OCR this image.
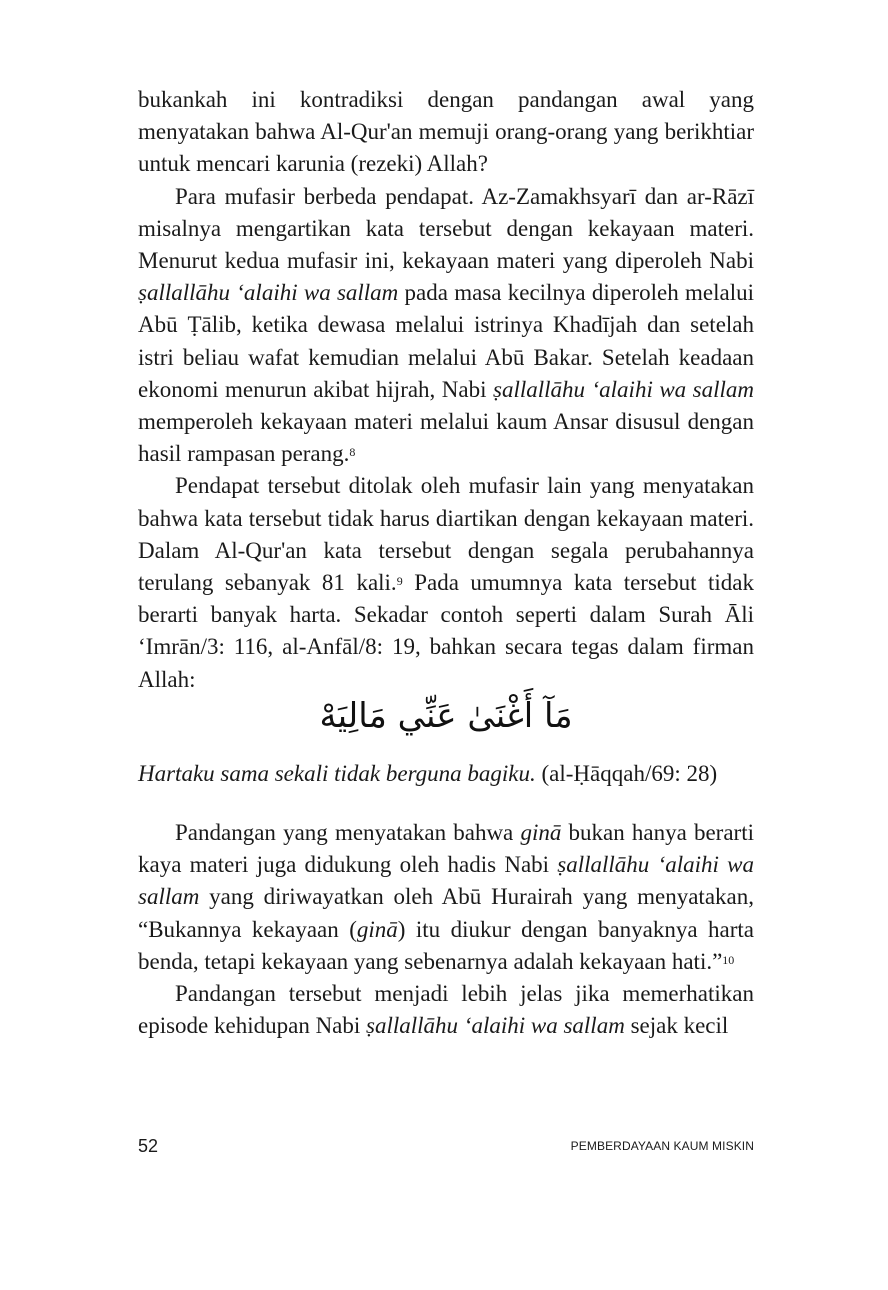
bukankah ini kontradiksi dengan pandangan awal yang menyatakan bahwa Al-Qur'an memuji orang-orang yang berikhtiar untuk mencari karunia (rezeki) Allah?

Para mufasir berbeda pendapat. Az-Zamakhsyarī dan ar-Rāzī misalnya mengartikan kata tersebut dengan kekayaan materi. Menurut kedua mufasir ini, kekayaan materi yang diperoleh Nabi ṣallallāhu ‘alaihi wa sallam pada masa kecilnya diperoleh melalui Abū Ṭālib, ketika dewasa melalui istrinya Khadījah dan setelah istri beliau wafat kemudian melalui Abū Bakar. Setelah keadaan ekonomi menurun akibat hijrah, Nabi ṣallallāhu ‘alaihi wa sallam memperoleh kekayaan materi melalui kaum Ansar disusul dengan hasil rampasan perang.$^8$

Pendapat tersebut ditolak oleh mufasir lain yang menyatakan bahwa kata tersebut tidak harus diartikan dengan kekayaan materi. Dalam Al-Qur'an kata tersebut dengan segala perubahannya terulang sebanyak 81 kali.$^9$ Pada umumnya kata tersebut tidak berarti banyak harta. Sekadar contoh seperti dalam Surah Āli ‘Imrān/3: 116, al-Anfāl/8: 19, bahkan secara tegas dalam firman Allah:

مَآ أَغْنَىٰ عَنِّي مَالِيَهْ

Hartaku sama sekali tidak berguna bagiku. (al-Ḥāqqah/69: 28)

Pandangan yang menyatakan bahwa ginā bukan hanya berarti kaya materi juga didukung oleh hadis Nabi ṣallallāhu ‘alaihi wa sallam yang diriwayatkan oleh Abū Hurairah yang menyatakan, “Bukannya kekayaan (ginā) itu diukur dengan banyaknya harta benda, tetapi kekayaan yang sebenarnya adalah kekayaan hati.”$^{10}$

Pandangan tersebut menjadi lebih jelas jika memerhatikan episode kehidupan Nabi ṣallallāhu ‘alaihi wa sallam sejak kecil

52	PEMBERDAYAAN KAUM MISKIN
